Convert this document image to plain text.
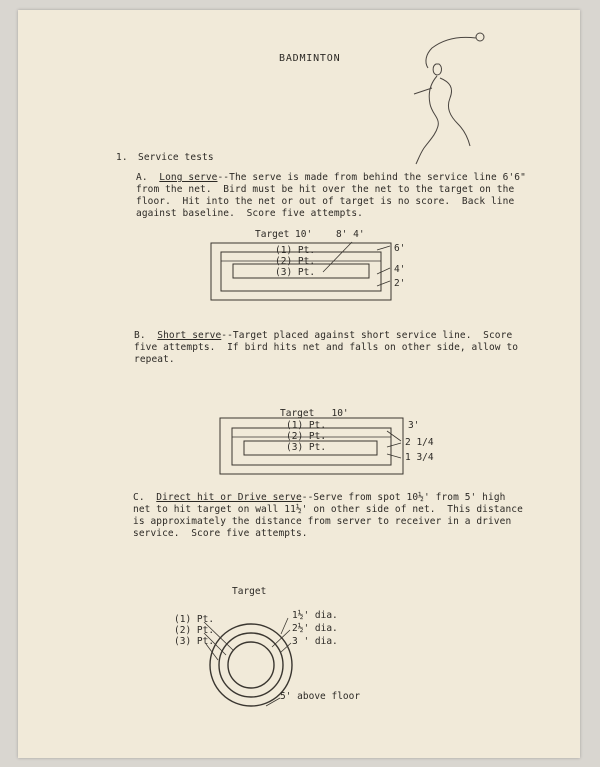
BADMINTON
1. Service tests
A. Long serve--The serve is made from behind the service line 6'6"
from the net.  Bird must be hit over the net to the target on the
floor.  Hit into the net or out of target is no score.  Back line
against baseline.  Score five attempts.
Target 10'	8' 4'
(1) Pt.
(2) Pt.
(3) Pt.
6'
4'
2'
B. Short serve--Target placed against short service line.  Score
five attempts.  If bird hits net and falls on other side, allow to
repeat.
Target   10'
(1) Pt.
(2) Pt.
(3) Pt.
3'
2 1/4
1 3/4
C. Direct hit or Drive serve--Serve from spot 10½' from 5' high
net to hit target on wall 11½' on other side of net.  This distance
is approximately the distance from server to receiver in a driven
service.  Score five attempts.
Target
(1) Pt.
(2) Pt.
(3) Pt.
1½' dia.
2½' dia.
3 ' dia.
5' above floor
